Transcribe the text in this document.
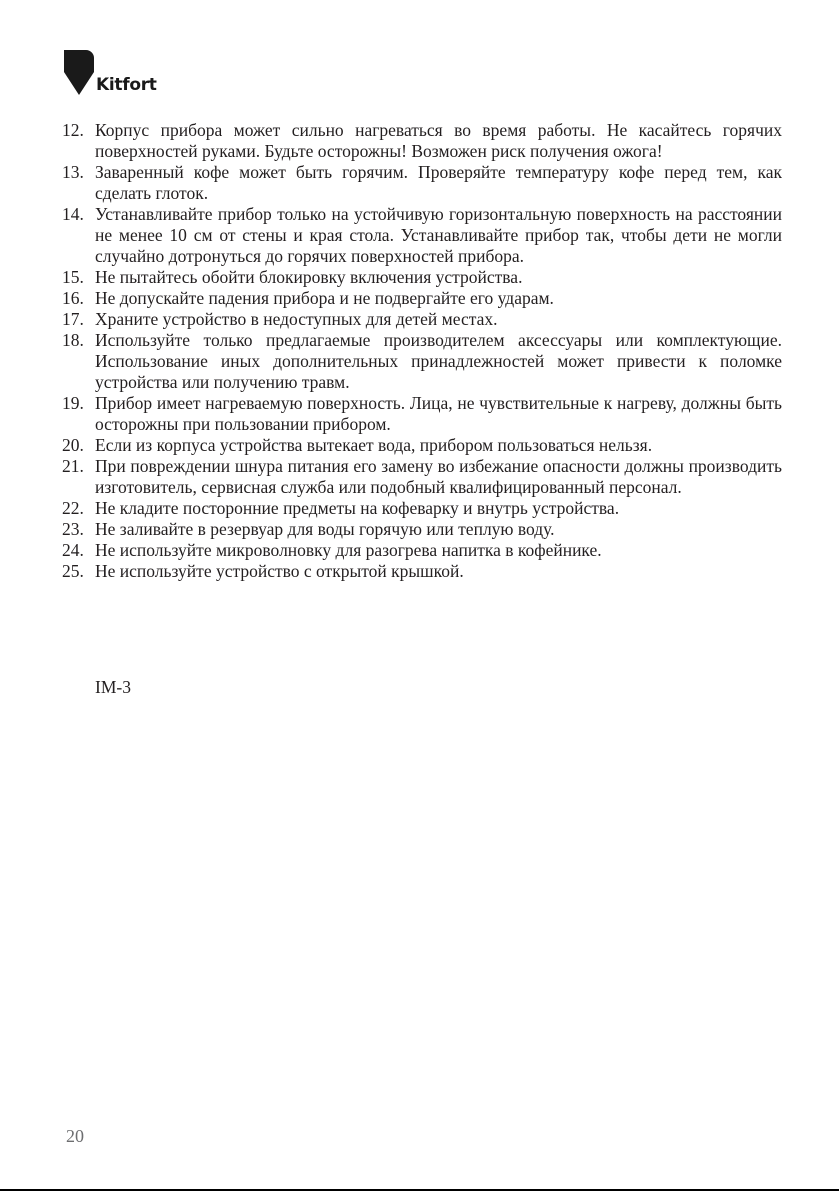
Kitfort
12. Корпус прибора может сильно нагреваться во время работы. Не касайтесь горячих поверхностей руками. Будьте осторожны! Возможен риск получения ожога!
13. Заваренный кофе может быть горячим. Проверяйте температуру кофе перед тем, как сделать глоток.
14. Устанавливайте прибор только на устойчивую горизонтальную поверхность на расстоянии не менее 10 см от стены и края стола. Устанавливайте прибор так, чтобы дети не могли случайно дотронуться до горячих поверхностей прибора.
15. Не пытайтесь обойти блокировку включения устройства.
16. Не допускайте падения прибора и не подвергайте его ударам.
17. Храните устройство в недоступных для детей местах.
18. Используйте только предлагаемые производителем аксессуары или комплектующие. Использование иных дополнительных принадлежностей может привести к поломке устройства или получению травм.
19. Прибор имеет нагреваемую поверхность. Лица, не чувствительные к нагреву, должны быть осторожны при пользовании прибором.
20. Если из корпуса устройства вытекает вода, прибором пользоваться нельзя.
21. При повреждении шнура питания его замену во избежание опасности должны производить изготовитель, сервисная служба или подобный квалифицированный персонал.
22. Не кладите посторонние предметы на кофеварку и внутрь устройства.
23. Не заливайте в резервуар для воды горячую или теплую воду.
24. Не используйте микроволновку для разогрева напитка в кофейнике.
25. Не используйте устройство с открытой крышкой.
IM-3
20
